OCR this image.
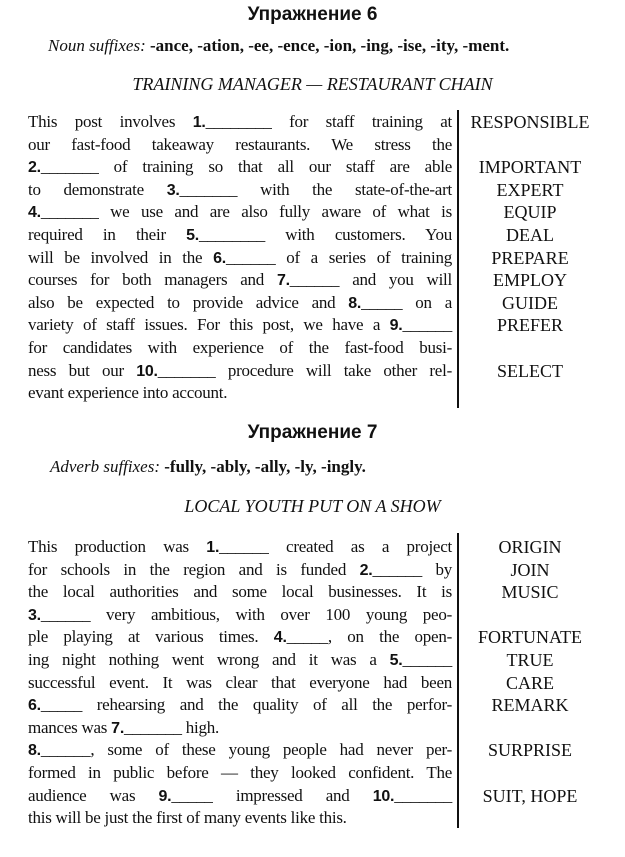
Упражнение 6
Noun suffixes: -ance, -ation, -ee, -ence, -ion, -ing, -ise, -ity, -ment.
TRAINING MANAGER — RESTAURANT CHAIN
This post involves 1.________ for staff training at	RESPONSIBLE
our fast-food takeaway restaurants. We stress the
2._______ of training so that all our staff are able	IMPORTANT
to demonstrate 3._______ with the state-of-the-art	EXPERT
4._______ we use and are also fully aware of what is	EQUIP
required in their 5.________ with customers. You	DEAL
will be involved in the 6.______ of a series of training	PREPARE
courses for both managers and 7.______ and you will	EMPLOY
also be expected to provide advice and 8._____ on a	GUIDE
variety of staff issues. For this post, we have a 9.______	PREFER
for candidates with experience of the fast-food busi-
ness but our 10._______ procedure will take other rel-	SELECT
evant experience into account.
Упражнение 7
Adverb suffixes: -fully, -ably, -ally, -ly, -ingly.
LOCAL YOUTH PUT ON A SHOW
This production was 1.______ created as a project	ORIGIN
for schools in the region and is funded 2.______ by	JOIN
the local authorities and some local businesses. It is	MUSIC
3.______ very ambitious, with over 100 young peo-
ple playing at various times. 4._____, on the open-	FORTUNATE
ing night nothing went wrong and it was a 5.______	TRUE
successful event. It was clear that everyone had been	CARE
6._____ rehearsing and the quality of all the perfor-	REMARK
mances was 7._______ high.
8.______, some of these young people had never per-	SURPRISE
formed in public before — they looked confident. The
audience was 9._____ impressed and 10._______	SUIT, HOPE
this will be just the first of many events like this.
